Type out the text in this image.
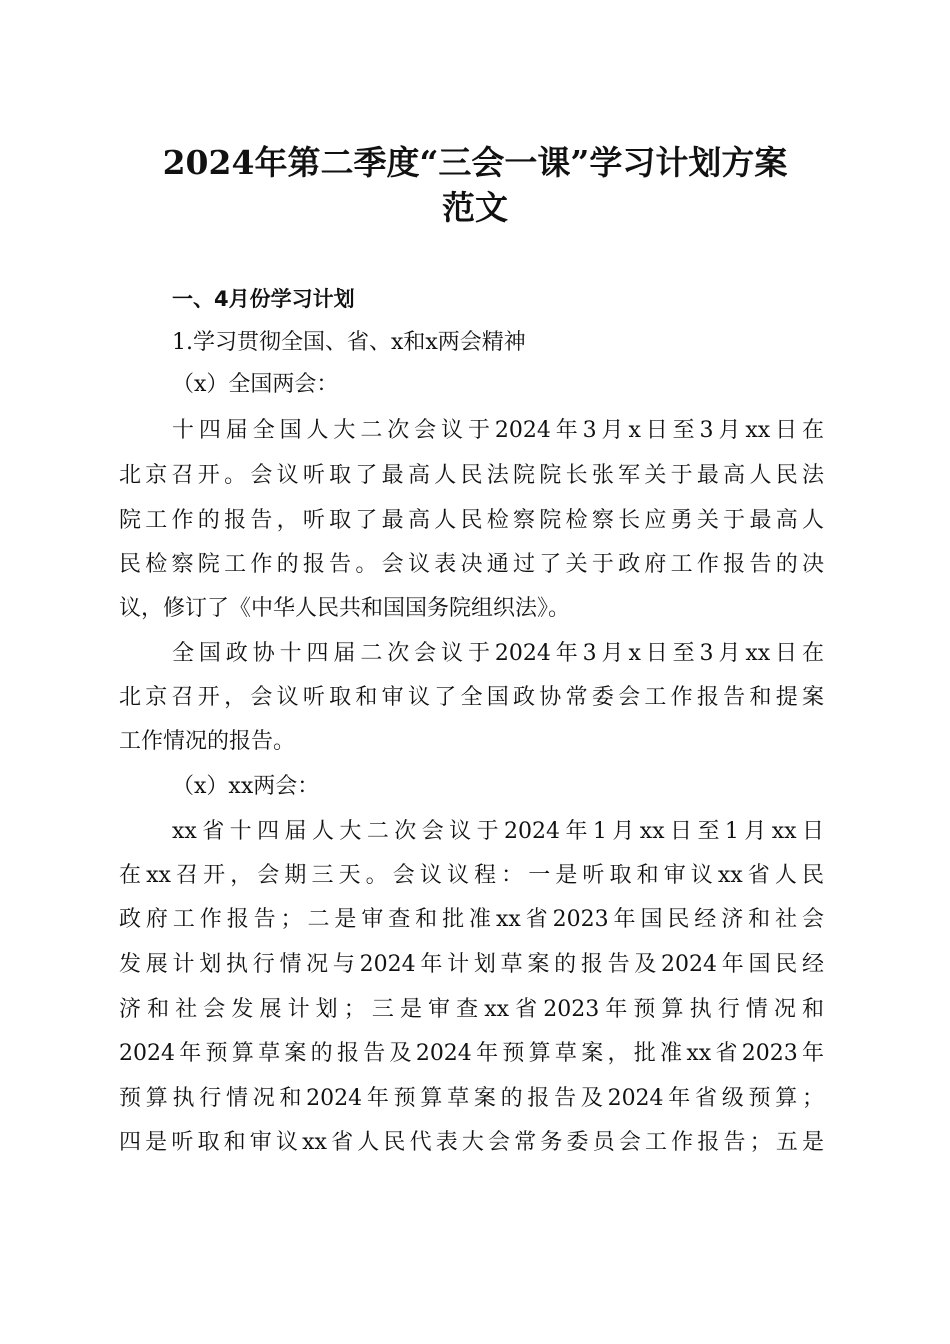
2024年第二季度“三会一课”学习计划方案
范文
一、4月份学习计划
1.学习贯彻全国、省、x和x两会精神
（x）全国两会：
十四届全国人大二次会议于2024年3月x日至3月xx日在
北京召开。会议听取了最高人民法院院长张军关于最高人民法
院工作的报告，听取了最高人民检察院检察长应勇关于最高人
民检察院工作的报告。会议表决通过了关于政府工作报告的决
议，修订了《中华人民共和国国务院组织法》。
全国政协十四届二次会议于2024年3月x日至3月xx日在
北京召开，会议听取和审议了全国政协常委会工作报告和提案
工作情况的报告。
（x）xx两会：
xx省十四届人大二次会议于2024年1月xx日至1月xx日
在xx召开，会期三天。会议议程：一是听取和审议xx省人民
政府工作报告；二是审查和批准xx省2023年国民经济和社会
发展计划执行情况与2024年计划草案的报告及2024年国民经
济和社会发展计划；三是审查xx省2023年预算执行情况和
2024年预算草案的报告及2024年预算草案，批准xx省2023年
预算执行情况和2024年预算草案的报告及2024年省级预算；
四是听取和审议xx省人民代表大会常务委员会工作报告；五是
